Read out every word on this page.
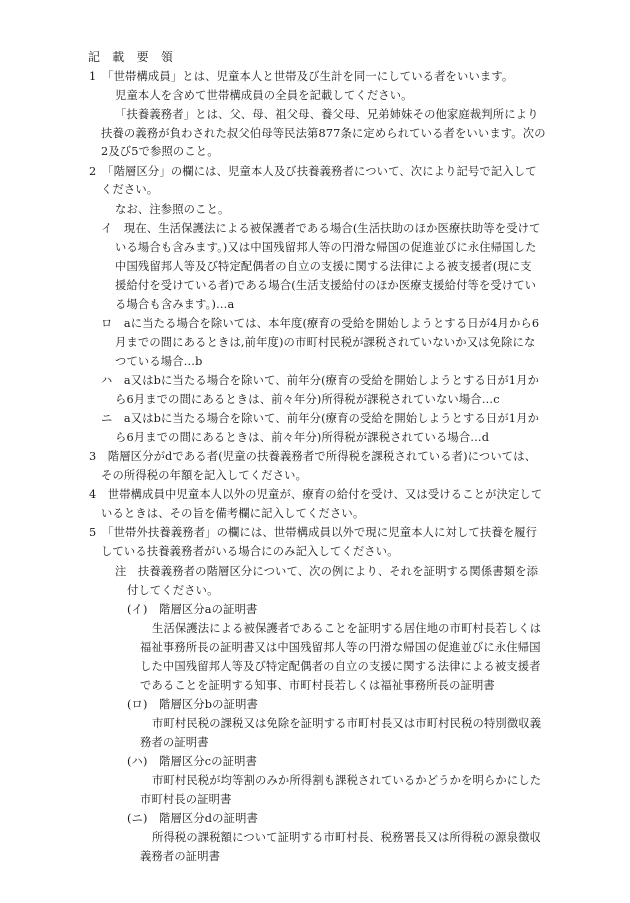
記　載　要　領
1　「世帯構成員」とは、児童本人と世帯及び生計を同一にしている者をいいます。
児童本人を含めて世帯構成員の全員を記載してください。
「扶養義務者」とは、父、母、祖父母、養父母、兄弟姉妹その他家庭裁判所により
扶養の義務が負わされた叔父伯母等民法第877条に定められている者をいいます。次の
2及び5で参照のこと。
2　「階層区分」の欄には、児童本人及び扶養義務者について、次により記号で記入して
ください。
なお、注参照のこと。
イ　現在、生活保護法による被保護者である場合(生活扶助のほか医療扶助等を受けて
いる場合も含みます。)又は中国残留邦人等の円滑な帰国の促進並びに永住帰国した
中国残留邦人等及び特定配偶者の自立の支援に関する法律による被支援者(現に支
援給付を受けている者)である場合(生活支援給付のほか医療支援給付等を受けてい
る場合も含みます。)…a
ロ　aに当たる場合を除いては、本年度(療育の受給を開始しようとする日が4月から6
月までの間にあるときは,前年度)の市町村民税が課税されていないか又は免除にな
つている場合…b
ハ　a又はbに当たる場合を除いて、前年分(療育の受給を開始しようとする日が1月か
ら6月までの間にあるときは、前々年分)所得税が課税されていない場合…c
ニ　a又はbに当たる場合を除いて、前年分(療育の受給を開始しようとする日が1月か
ら6月までの間にあるときは、前々年分)所得税が課税されている場合…d
3　階層区分がdである者(児童の扶養義務者で所得税を課税されている者)については、
その所得税の年額を記入してください。
4　世帯構成員中児童本人以外の児童が、療育の給付を受け、又は受けることが決定して
いるときは、その旨を備考欄に記入してください。
5　「世帯外扶養義務者」の欄には、世帯構成員以外で現に児童本人に対して扶養を履行
している扶養義務者がいる場合にのみ記入してください。
注　扶養義務者の階層区分について、次の例により、それを証明する関係書類を添
付してください。
(イ)　階層区分aの証明書
生活保護法による被保護者であることを証明する居住地の市町村長若しくは
福祉事務所長の証明書又は中国残留邦人等の円滑な帰国の促進並びに永住帰国
した中国残留邦人等及び特定配偶者の自立の支援に関する法律による被支援者
であることを証明する知事、市町村長若しくは福祉事務所長の証明書
(ロ)　階層区分bの証明書
市町村民税の課税又は免除を証明する市町村長又は市町村民税の特別徴収義
務者の証明書
(ハ)　階層区分cの証明書
市町村民税が均等割のみか所得割も課税されているかどうかを明らかにした
市町村長の証明書
(ニ)　階層区分dの証明書
所得税の課税額について証明する市町村長、税務署長又は所得税の源泉徴収
義務者の証明書
